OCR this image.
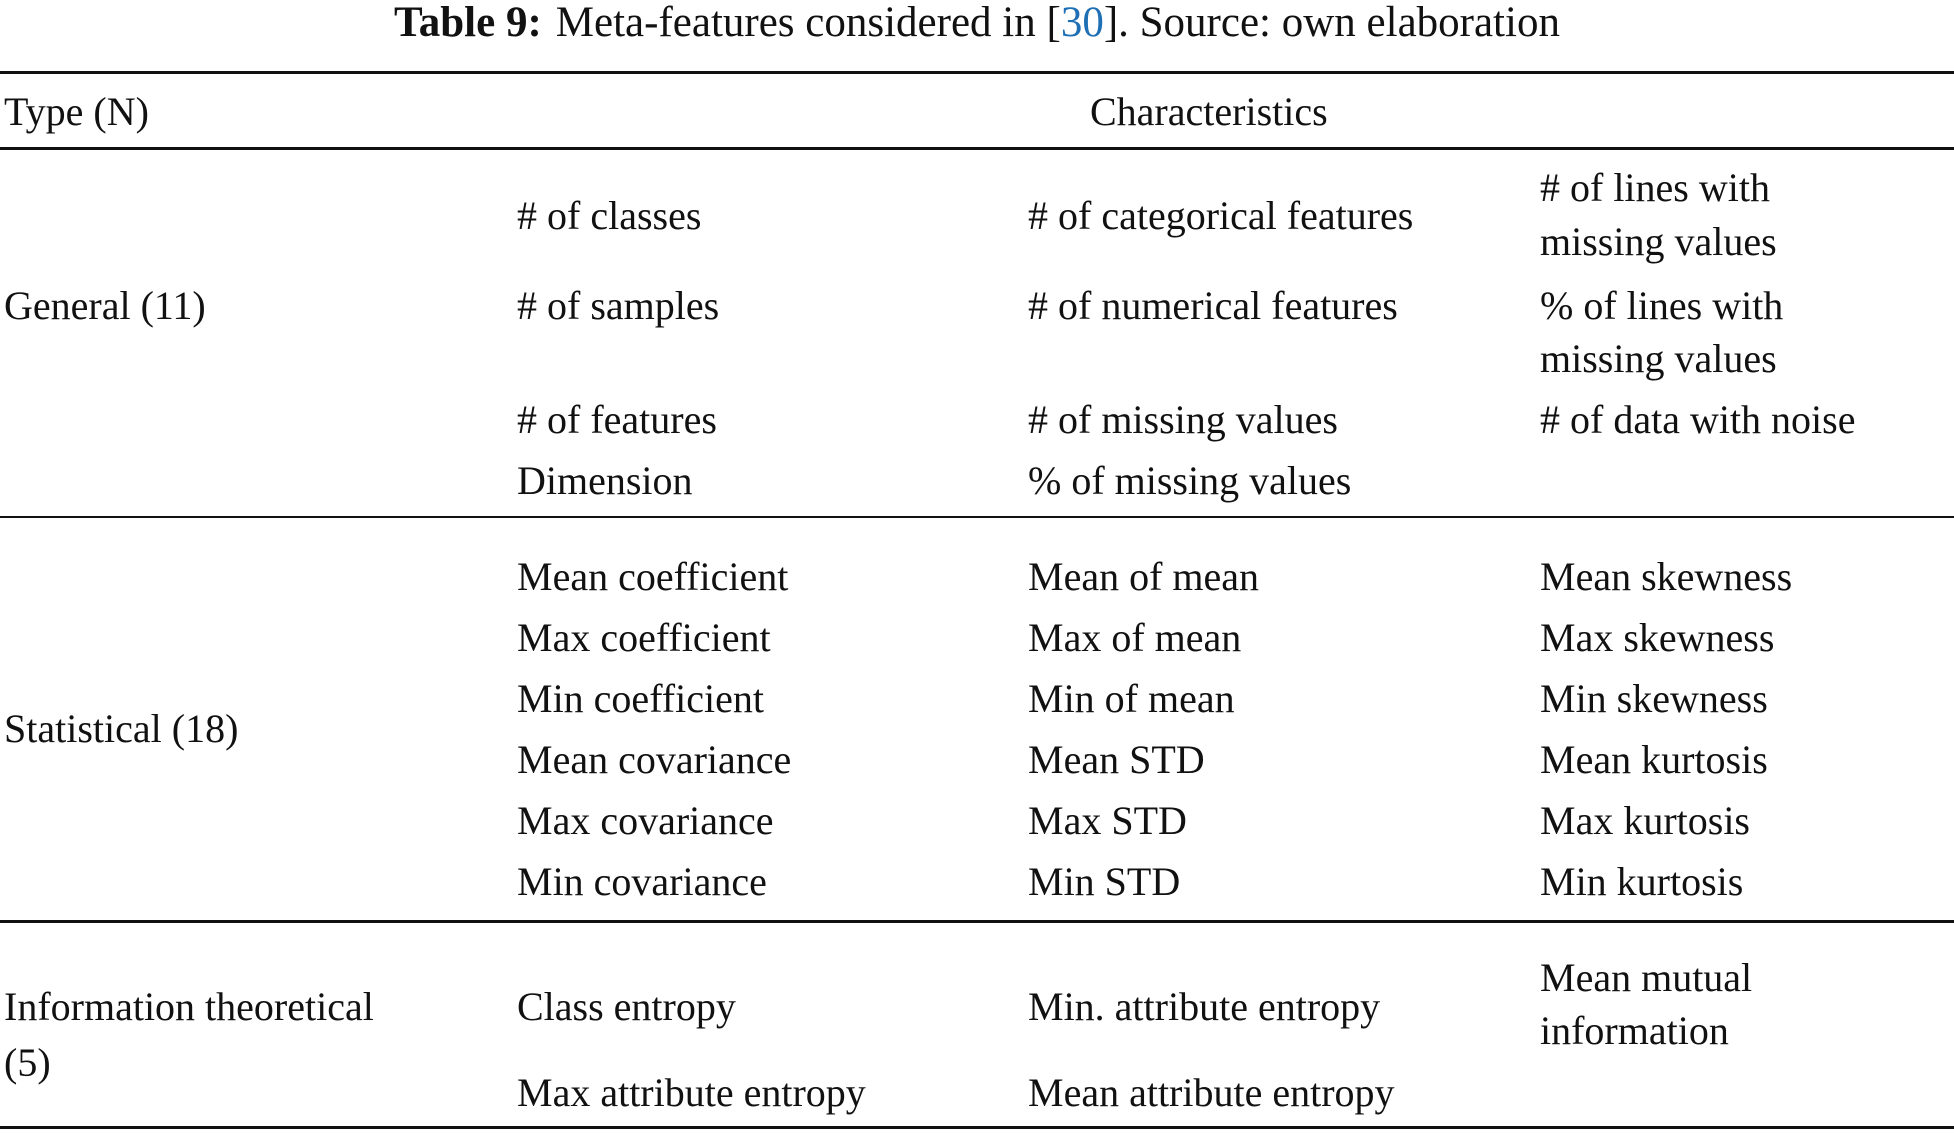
Table 9: Meta-features considered in [30]. Source: own elaboration
Type (N)	Characteristics
General (11)
# of classes
# of samples
# of features
Dimension
# of categorical features
# of numerical features
# of missing values
% of missing values
# of lines with
missing values
% of lines with
missing values
# of data with noise
Statistical (18)
Mean coefficient
Max coefficient
Min coefficient
Mean covariance
Max covariance
Min covariance
Mean of mean
Max of mean
Min of mean
Mean STD
Max STD
Min STD
Mean skewness
Max skewness
Min skewness
Mean kurtosis
Max kurtosis
Min kurtosis
Information theoretical
(5)
Class entropy
Max attribute entropy
Min. attribute entropy
Mean attribute entropy
Mean mutual
information
